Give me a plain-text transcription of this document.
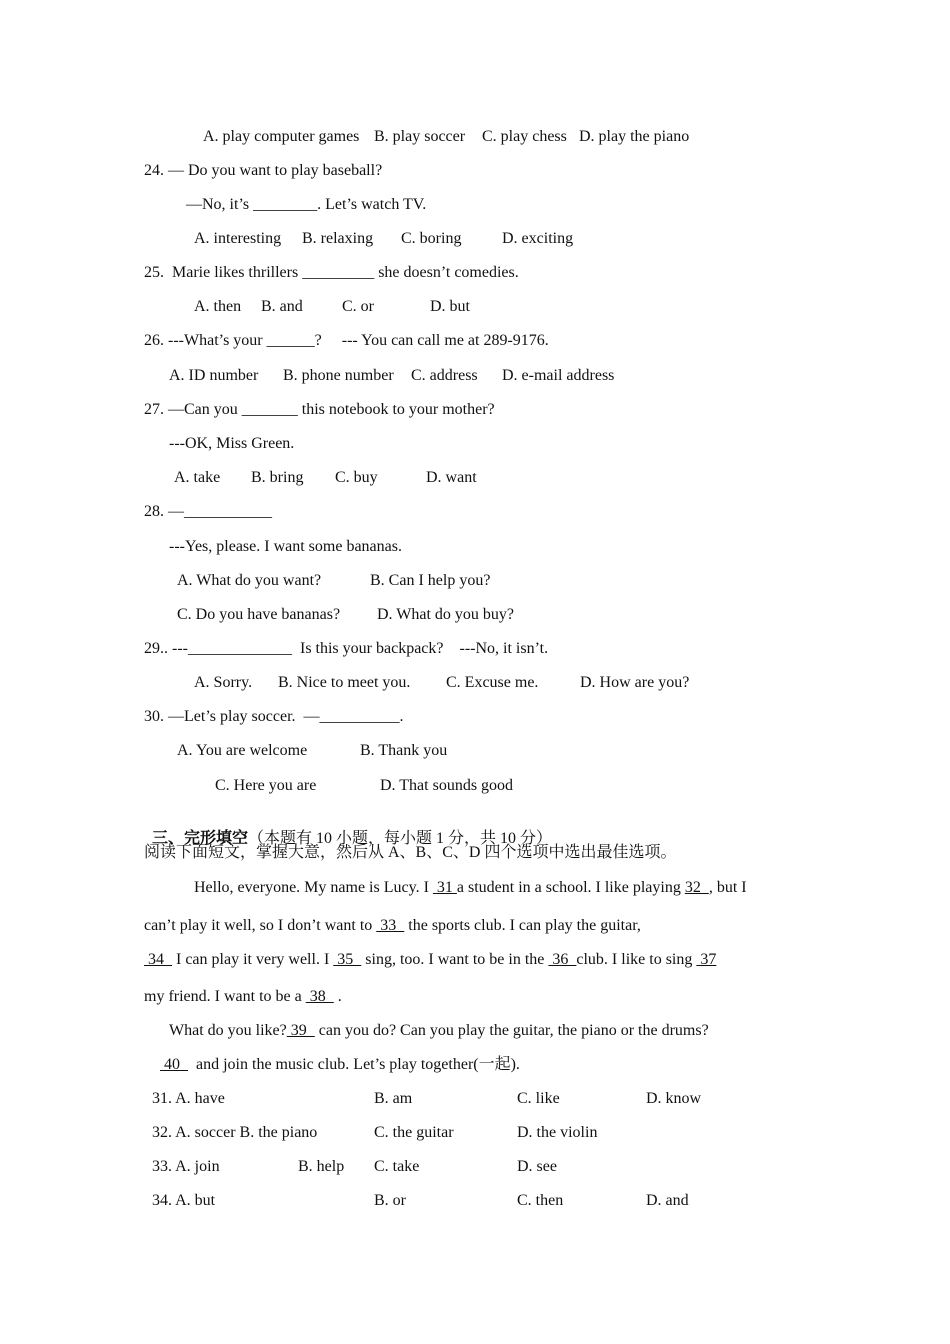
A. play computer games B. play soccer C. play chess D. play the piano
24. — Do you want to play baseball?
—No, it’s ________. Let’s watch TV.
A. interesting B. relaxing C. boring	D. exciting
25.  Marie likes thrillers _________ she doesn’t comedies.
A. then B. and C. or	D. but
26. ---What’s your ______?     --- You can call me at 289-9176.
A. ID number B. phone number C. address D. e-mail address
27. —Can you _______ this notebook to your mother?
---OK, Miss Green.
A. take B. bring C. buy	D. want
28. —___________
---Yes, please. I want some bananas.
A. What do you want?	B. Can I help you?
C. Do you have bananas? D. What do you buy?
29.. ---_____________  Is this your backpack?    ---No, it isn’t.
A. Sorry. B. Nice to meet you. C. Excuse me.	D. How are you?
30. —Let’s play soccer.  —__________.
A. You are welcome	B. Thank you
C. Here you are	D. That sounds good

三、完形填空（本题有 10 小题，每小题 1 分，共 10 分）

阅读下面短文，掌握大意，然后从 A、B、C、D 四个选项中选出最佳选项。
Hello, everyone. My name is Lucy. I  31 a student in a school. I like playing 32  , but I
can’t play it well, so I don’t want to  33   the sports club. I can play the guitar,
34   I can play it very well. I  35   sing, too. I want to be in the  36  club. I like to sing  37
my friend. I want to be a  38   .
What do you like? 39   can you do? Can you play the guitar, the piano or the drums?
40    and join the music club. Let’s play together(一起).
31. A. have	B. am	C. like	D. know
32. A. soccer B. the piano	C. the guitar	D. the violin
33. A. join	B. help C. take	D. see
34. A. but	B. or	C. then	D. and
